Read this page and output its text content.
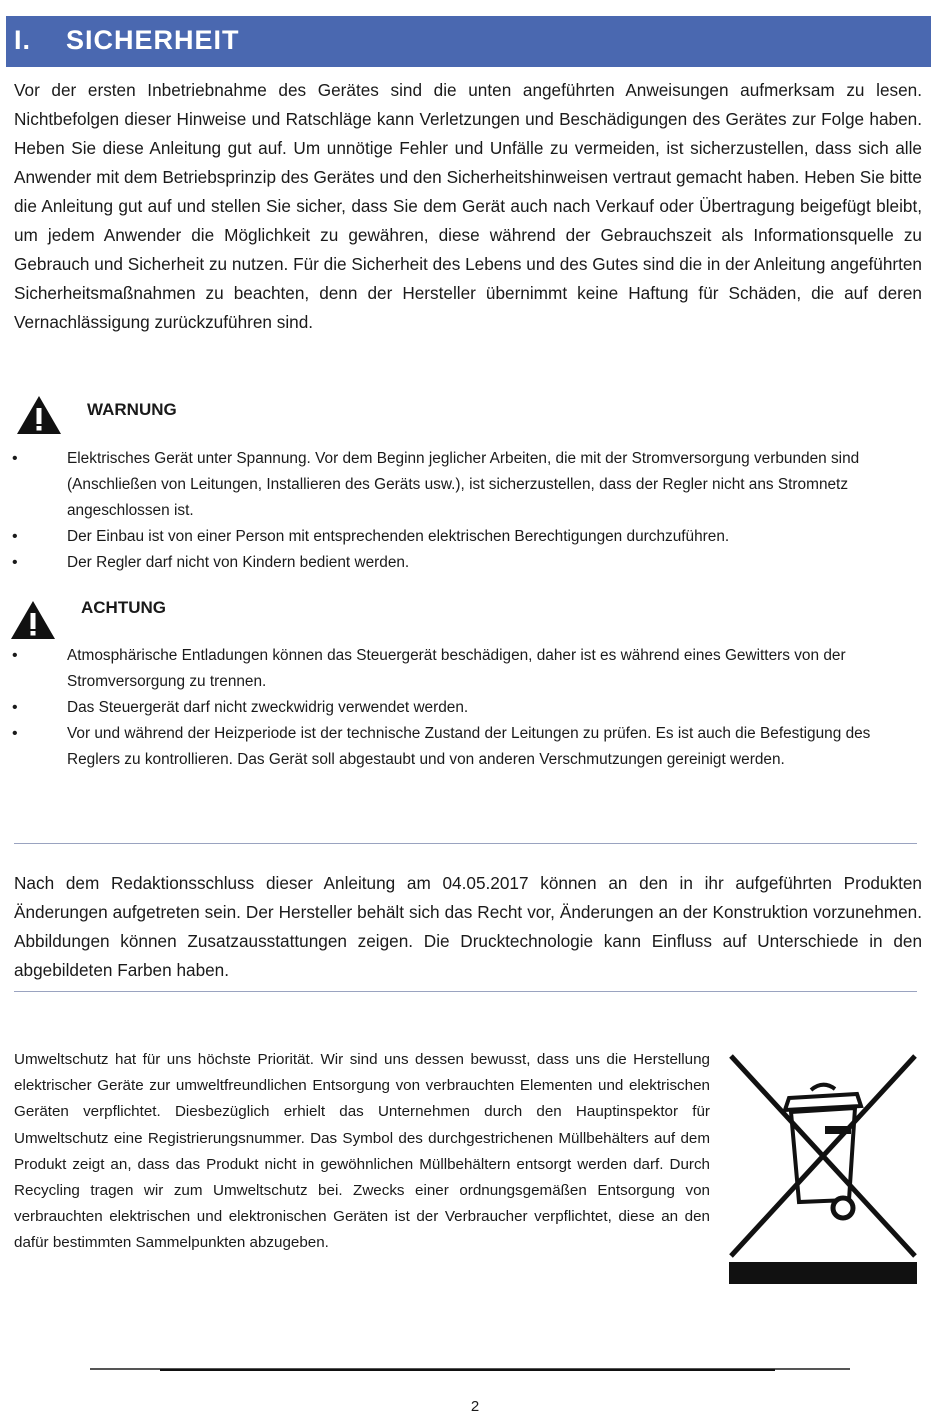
I. SICHERHEIT

Vor der ersten Inbetriebnahme des Gerätes sind die unten angeführten Anweisungen aufmerksam zu lesen. Nichtbefolgen dieser Hinweise und Ratschläge kann Verletzungen und Beschädigungen des Gerätes zur Folge haben. Heben Sie diese Anleitung gut auf. Um unnötige Fehler und Unfälle zu vermeiden, ist sicherzustellen, dass sich alle Anwender mit dem Betriebsprinzip des Gerätes und den Sicherheitshinweisen vertraut gemacht haben. Heben Sie bitte die Anleitung gut auf und stellen Sie sicher, dass Sie dem Gerät auch nach Verkauf oder Übertragung beigefügt bleibt, um jedem Anwender die Möglichkeit zu gewähren, diese während der Gebrauchszeit als Informationsquelle zu Gebrauch und Sicherheit zu nutzen. Für die Sicherheit des Lebens und des Gutes sind die in der Anleitung angeführten Sicherheitsmaßnahmen zu beachten, denn der Hersteller übernimmt keine Haftung für Schäden, die auf deren Vernachlässigung zurückzuführen sind.

WARNUNG
•	Elektrisches Gerät unter Spannung. Vor dem Beginn jeglicher Arbeiten, die mit der Stromversorgung verbunden sind (Anschließen von Leitungen, Installieren des Geräts usw.), ist sicherzustellen, dass der Regler nicht ans Stromnetz angeschlossen ist.
•	Der Einbau ist von einer Person mit entsprechenden elektrischen Berechtigungen durchzuführen.
•	Der Regler darf nicht von Kindern bedient werden.
ACHTUNG
•	Atmosphärische Entladungen können das Steuergerät beschädigen, daher ist es während eines Gewitters von der Stromversorgung zu trennen.
•	Das Steuergerät darf nicht zweckwidrig verwendet werden.
•	Vor und während der Heizperiode ist der technische Zustand der Leitungen zu prüfen. Es ist auch die Befestigung des Reglers zu kontrollieren. Das Gerät soll abgestaubt und von anderen Verschmutzungen gereinigt werden.

Nach dem Redaktionsschluss dieser Anleitung am 04.05.2017 können an den in ihr aufgeführten Produkten Änderungen aufgetreten sein. Der Hersteller behält sich das Recht vor, Änderungen an der Konstruktion vorzunehmen. Abbildungen können Zusatzausstattungen zeigen. Die Drucktechnologie kann Einfluss auf Unterschiede in den abgebildeten Farben haben.

Umweltschutz hat für uns höchste Priorität. Wir sind uns dessen bewusst, dass uns die Herstellung elektrischer Geräte zur umweltfreundlichen Entsorgung von verbrauchten Elementen und elektrischen Geräten verpflichtet. Diesbezüglich erhielt das Unternehmen durch den Hauptinspektor für Umweltschutz eine Registrierungsnummer. Das Symbol des durchgestrichenen Müllbehälters auf dem Produkt zeigt an, dass das Produkt nicht in gewöhnlichen Müllbehältern entsorgt werden darf. Durch Recycling tragen wir zum Umweltschutz bei. Zwecks einer ordnungsgemäßen Entsorgung von verbrauchten elektrischen und elektronischen Geräten ist der Verbraucher verpflichtet, diese an den dafür bestimmten Sammelpunkten abzugeben.

2
